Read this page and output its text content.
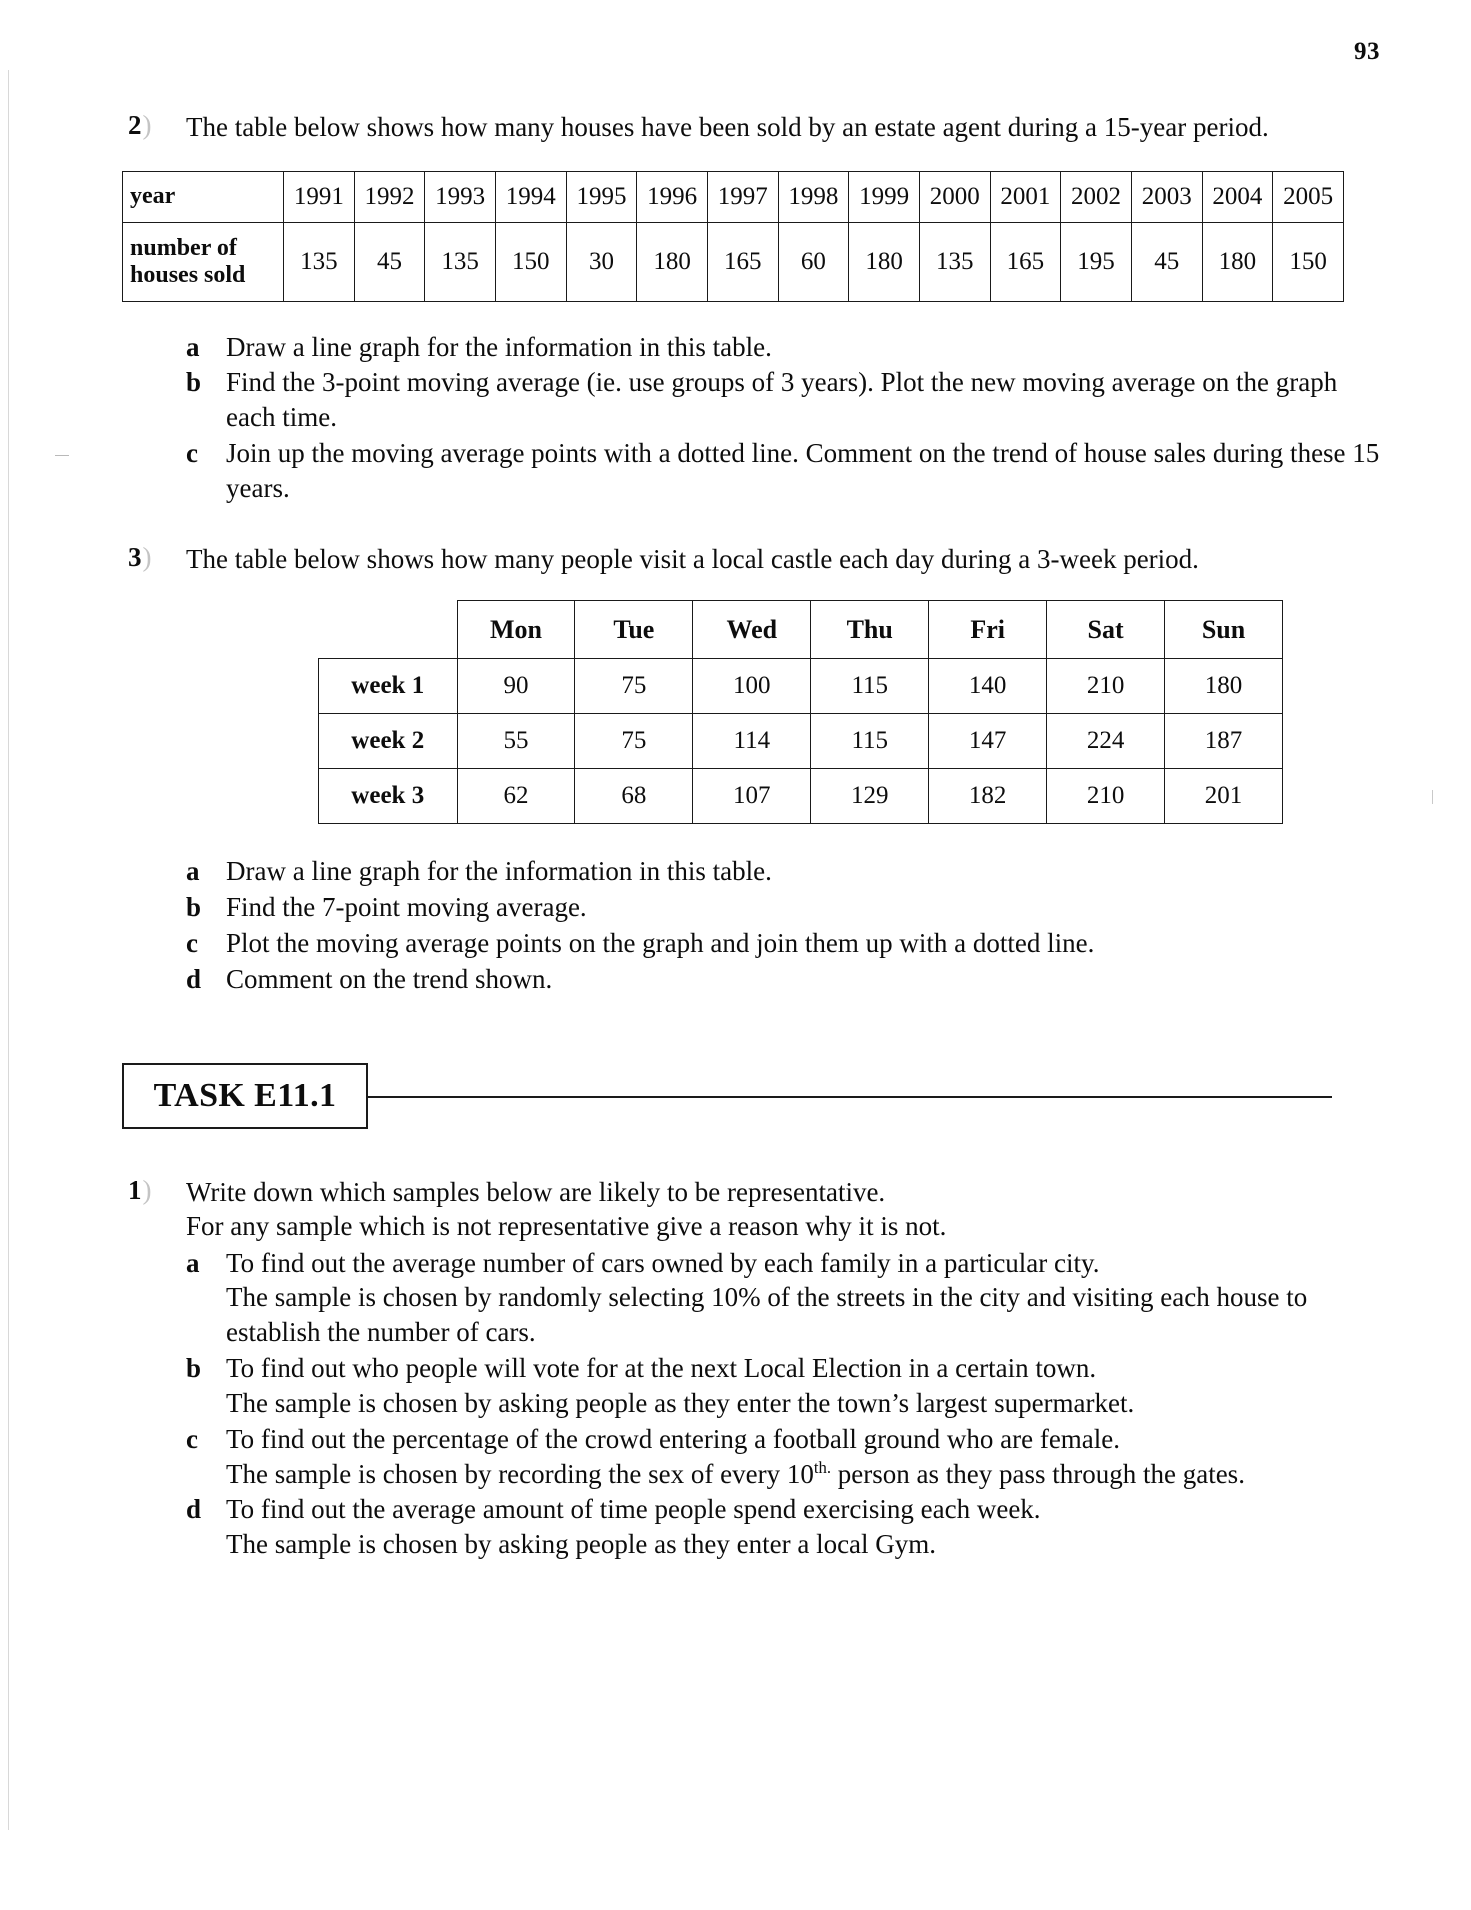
93
2 )	The table below shows how many houses have been sold by an estate agent during a 15-year period.

year	1991	1992	1993	1994	1995	1996	1997	1998	1999	2000	2001	2002	2003	2004	2005
number of houses sold	135	45	135	150	30	180	165	60	180	135	165	195	45	180	150
a Draw a line graph for the information in this table.

b Find the 3-point moving average (ie. use groups of 3 years). Plot the new moving average on the graph each time.

c Join up the moving average points with a dotted line. Comment on the trend of house sales during these 15 years.

3 )	The table below shows how many people visit a local castle each day during a 3-week period.

	Mon	Tue	Wed	Thu	Fri	Sat	Sun
week 1	90	75	100	115	140	210	180
week 2	55	75	114	115	147	224	187
week 3	62	68	107	129	182	210	201
a Draw a line graph for the information in this table.

b Find the 7-point moving average.

c Plot the moving average points on the graph and join them up with a dotted line.

d Comment on the trend shown.

TASK E11.1
1 )	Write down which samples below are likely to be representative.

For any sample which is not representative give a reason why it is not.

a To find out the average number of cars owned by each family in a particular city.

The sample is chosen by randomly selecting 10% of the streets in the city and visiting each house to establish the number of cars.

b To find out who people will vote for at the next Local Election in a certain town.

The sample is chosen by asking people as they enter the town’s largest supermarket.

c To find out the percentage of the crowd entering a football ground who are female.

The sample is chosen by recording the sex of every $10^{th.}$ person as they pass through the gates.

d To find out the average amount of time people spend exercising each week.

The sample is chosen by asking people as they enter a local Gym.
